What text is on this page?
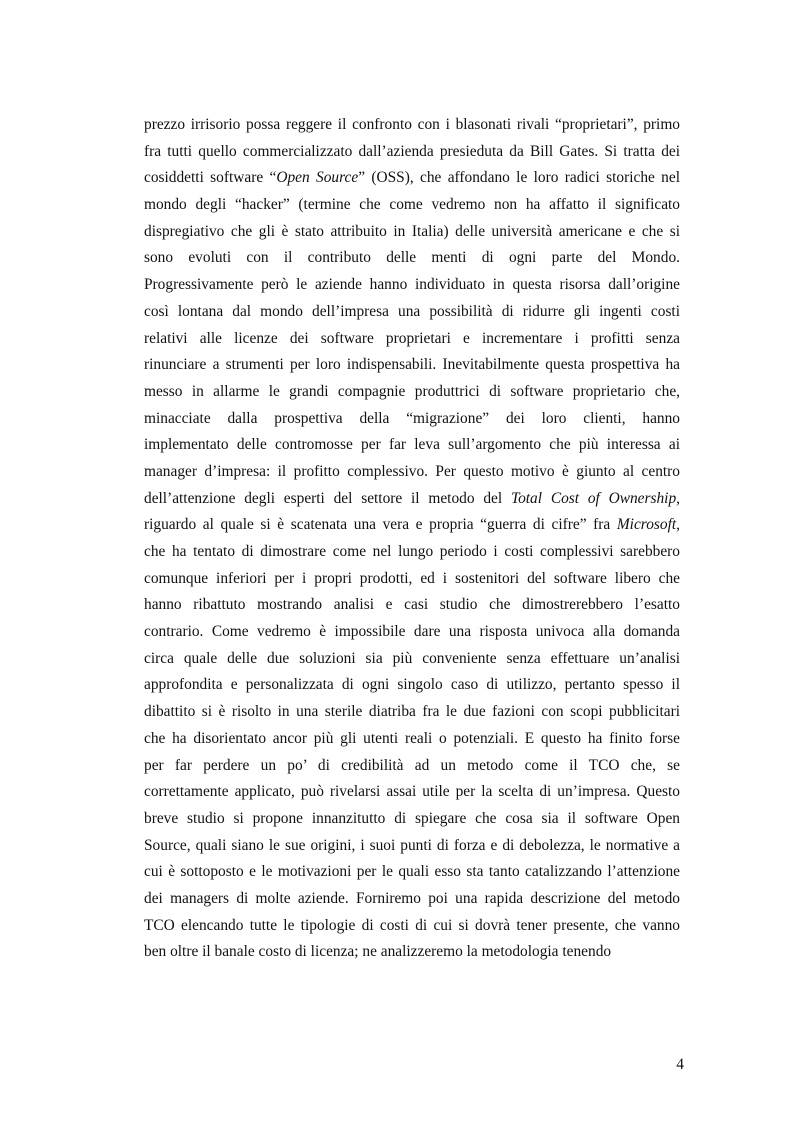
prezzo irrisorio possa reggere il confronto con i blasonati rivali “proprietari”, primo
fra tutti quello commercializzato dall’azienda presieduta da Bill Gates. Si tratta dei
cosiddetti software “Open Source” (OSS), che affondano le loro radici storiche nel
mondo degli “hacker” (termine che come vedremo non ha affatto il significato
dispregiativo che gli è stato attribuito in Italia) delle università americane e che si
sono evoluti con il contributo delle menti di ogni parte del Mondo.
Progressivamente però le aziende hanno individuato in questa risorsa dall’origine
così lontana dal mondo dell’impresa una possibilità di ridurre gli ingenti costi
relativi alle licenze dei software proprietari e incrementare i profitti senza
rinunciare a strumenti per loro indispensabili. Inevitabilmente questa prospettiva ha
messo in allarme le grandi compagnie produttrici di software proprietario che,
minacciate dalla prospettiva della “migrazione” dei loro clienti, hanno
implementato delle contromosse per far leva sull’argomento che più interessa ai
manager d’impresa: il profitto complessivo. Per questo motivo è giunto al centro
dell’attenzione degli esperti del settore il metodo del Total Cost of Ownership,
riguardo al quale si è scatenata una vera e propria “guerra di cifre” fra Microsoft,
che ha tentato di dimostrare come nel lungo periodo i costi complessivi sarebbero
comunque inferiori per i propri prodotti, ed i sostenitori del software libero che
hanno ribattuto mostrando analisi e casi studio che dimostrerebbero l’esatto
contrario. Come vedremo è impossibile dare una risposta univoca alla domanda
circa quale delle due soluzioni sia più conveniente senza effettuare un’analisi
approfondita e personalizzata di ogni singolo caso di utilizzo, pertanto spesso il
dibattito si è risolto in una sterile diatriba fra le due fazioni con scopi pubblicitari
che ha disorientato ancor più gli utenti reali o potenziali. E questo ha finito forse
per far perdere un po’ di credibilità ad un metodo come il TCO che, se
correttamente applicato, può rivelarsi assai utile per la scelta di un’impresa. Questo
breve studio si propone innanzitutto di spiegare che cosa sia il software Open
Source, quali siano le sue origini, i suoi punti di forza e di debolezza, le normative a
cui è sottoposto e le motivazioni per le quali esso sta tanto catalizzando l’attenzione
dei managers di molte aziende. Forniremo poi una rapida descrizione del metodo
TCO elencando tutte le tipologie di costi di cui si dovrà tener presente, che vanno
ben oltre il banale costo di licenza; ne analizzeremo la metodologia tenendo
4
